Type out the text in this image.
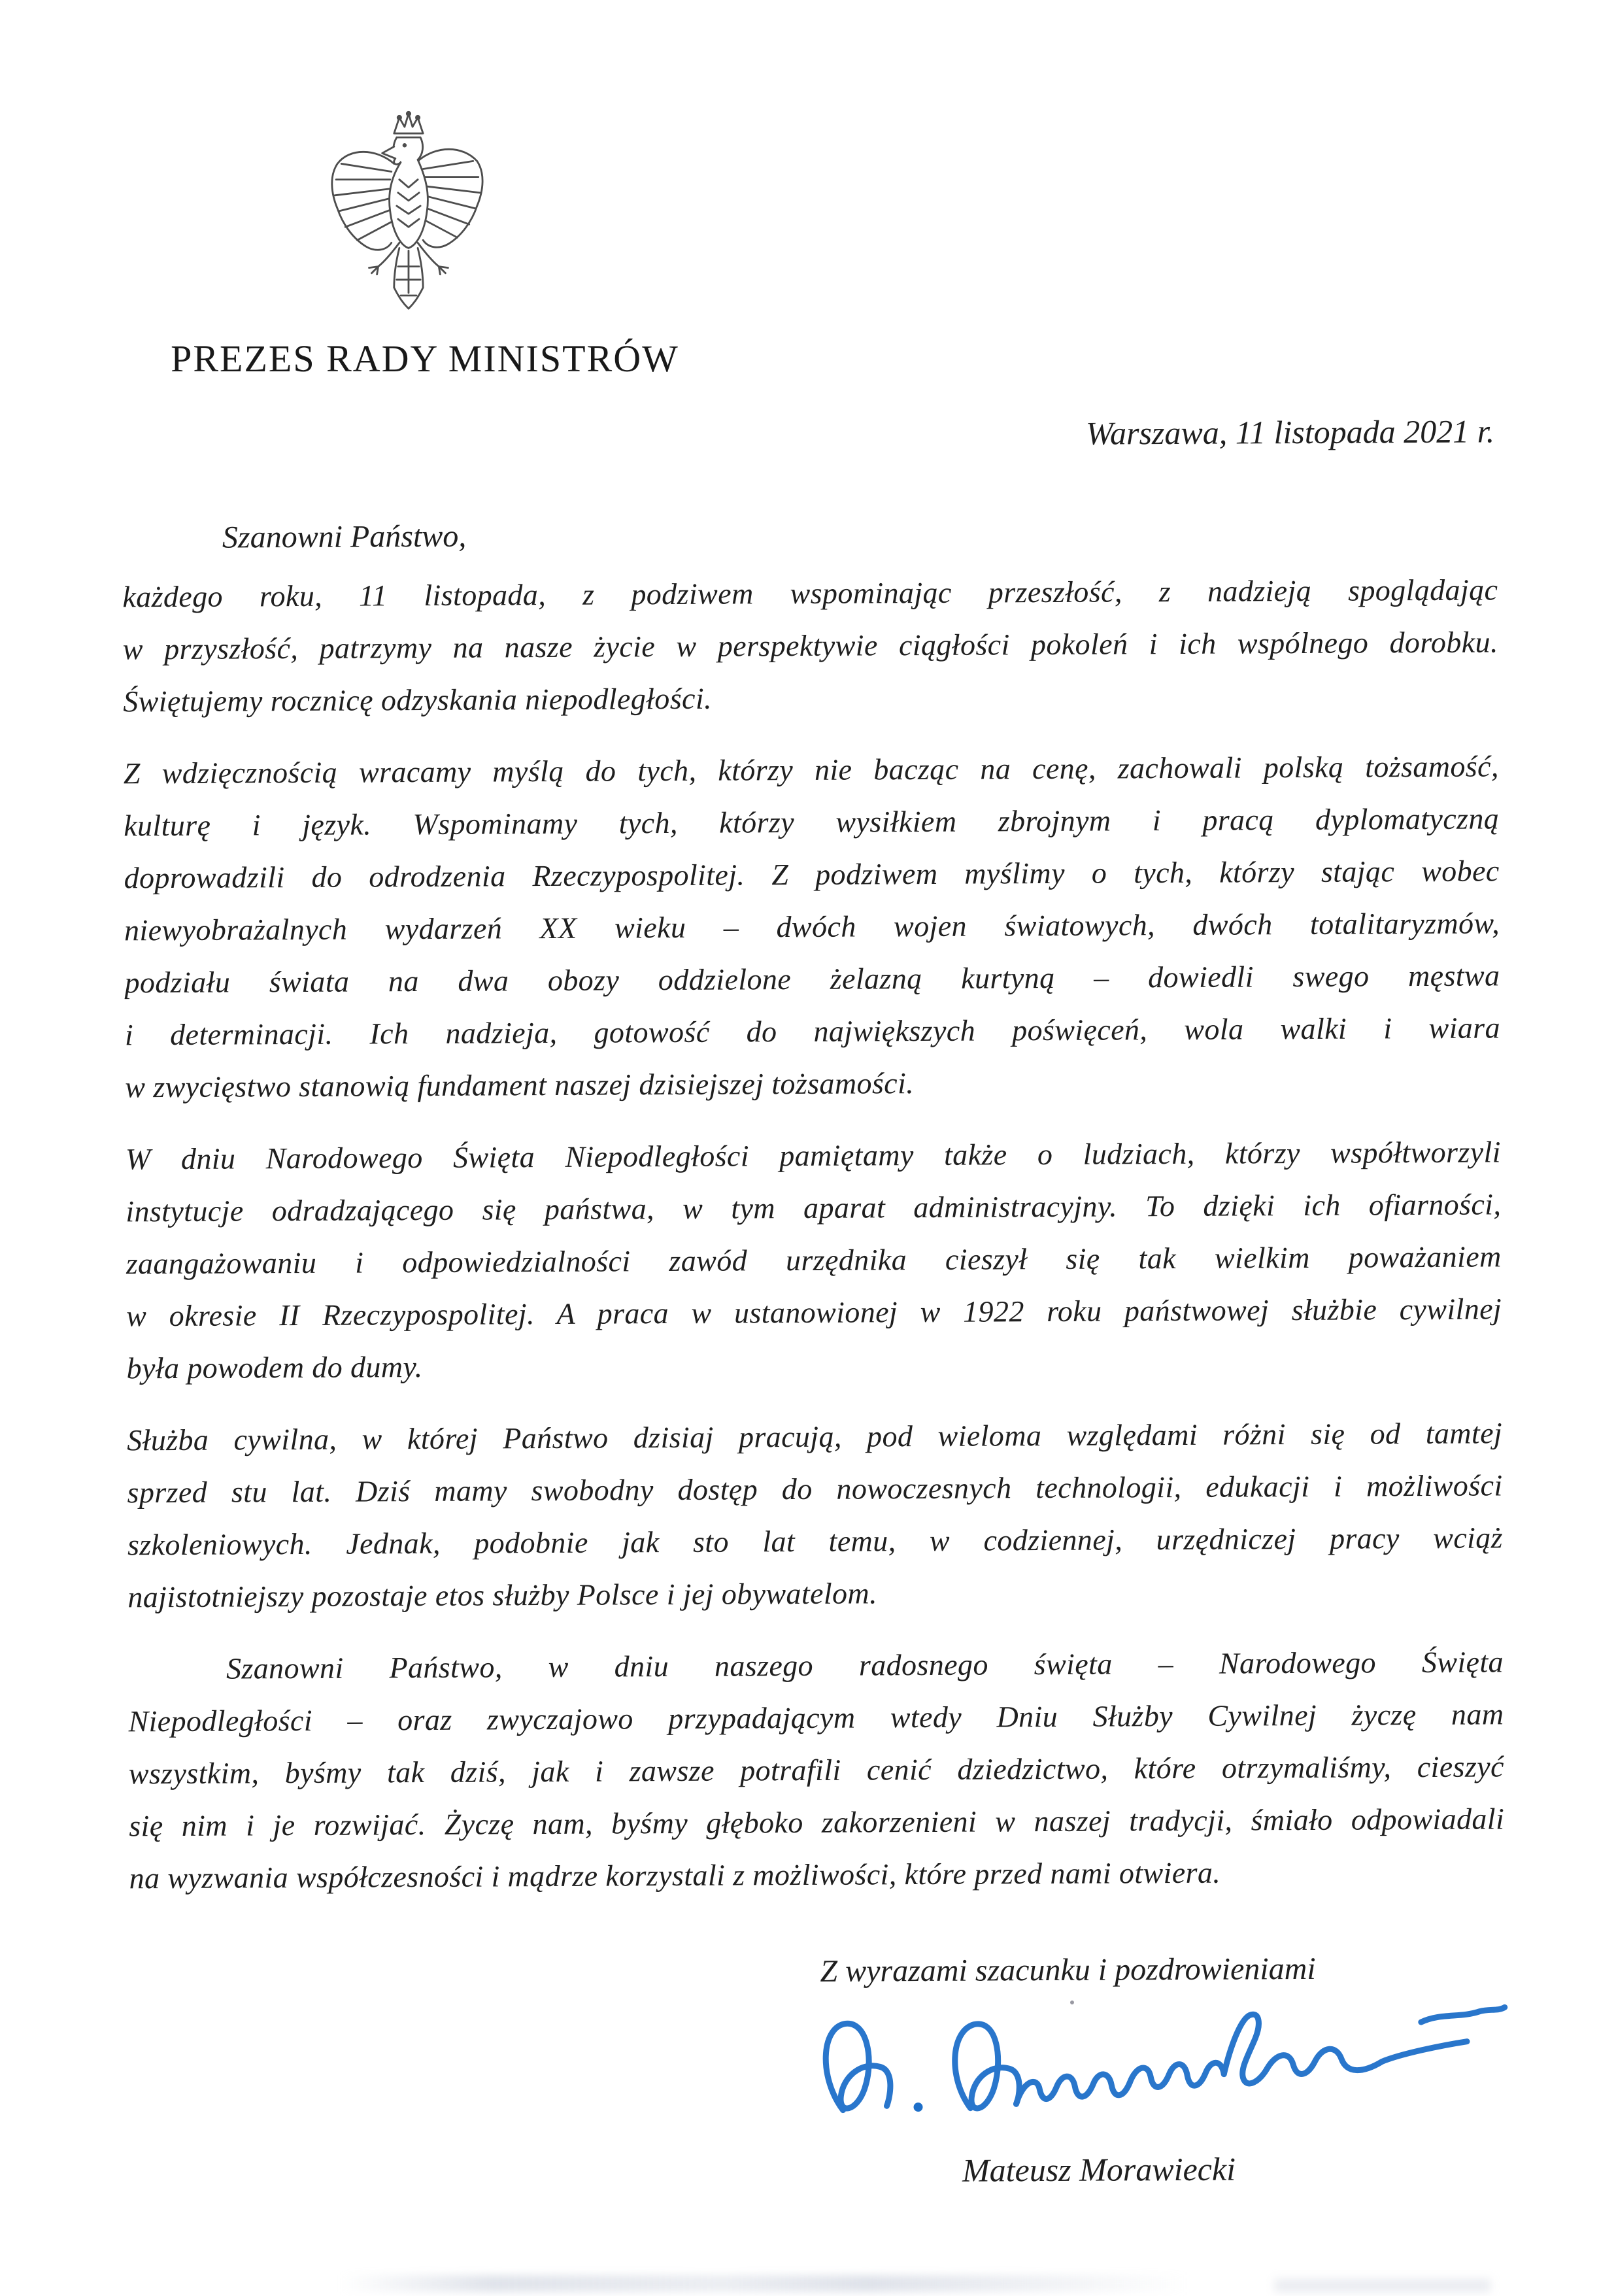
PREZES RADY MINISTRÓW
Warszawa, 11 listopada 2021 r.
Szanowni Państwo,
każdego roku, 11 listopada, z podziwem wspominając przeszłość, z nadzieją spoglądając
w przyszłość, patrzymy na nasze życie w perspektywie ciągłości pokoleń i ich wspólnego dorobku.
Świętujemy rocznicę odzyskania niepodległości.
Z wdzięcznością wracamy myślą do tych, którzy nie bacząc na cenę, zachowali polską tożsamość,
kulturę i język. Wspominamy tych, którzy wysiłkiem zbrojnym i pracą dyplomatyczną
doprowadzili do odrodzenia Rzeczypospolitej. Z podziwem myślimy o tych, którzy stając wobec
niewyobrażalnych wydarzeń XX wieku – dwóch wojen światowych, dwóch totalitaryzmów,
podziału świata na dwa obozy oddzielone żelazną kurtyną – dowiedli swego męstwa
i determinacji. Ich nadzieja, gotowość do największych poświęceń, wola walki i wiara
w zwycięstwo stanowią fundament naszej dzisiejszej tożsamości.
W dniu Narodowego Święta Niepodległości pamiętamy także o ludziach, którzy współtworzyli
instytucje odradzającego się państwa, w tym aparat administracyjny. To dzięki ich ofiarności,
zaangażowaniu i odpowiedzialności zawód urzędnika cieszył się tak wielkim poważaniem
w okresie II Rzeczypospolitej. A praca w ustanowionej w 1922 roku państwowej służbie cywilnej
była powodem do dumy.
Służba cywilna, w której Państwo dzisiaj pracują, pod wieloma względami różni się od tamtej
sprzed stu lat. Dziś mamy swobodny dostęp do nowoczesnych technologii, edukacji i możliwości
szkoleniowych. Jednak, podobnie jak sto lat temu, w codziennej, urzędniczej pracy wciąż
najistotniejszy pozostaje etos służby Polsce i jej obywatelom.
Szanowni Państwo, w dniu naszego radosnego święta – Narodowego Święta
Niepodległości – oraz zwyczajowo przypadającym wtedy Dniu Służby Cywilnej życzę nam
wszystkim, byśmy tak dziś, jak i zawsze potrafili cenić dziedzictwo, które otrzymaliśmy, cieszyć
się nim i je rozwijać. Życzę nam, byśmy głęboko zakorzenieni w naszej tradycji, śmiało odpowiadali
na wyzwania współczesności i mądrze korzystali z możliwości, które przed nami otwiera.
Z wyrazami szacunku i pozdrowieniami
Mateusz Morawiecki
